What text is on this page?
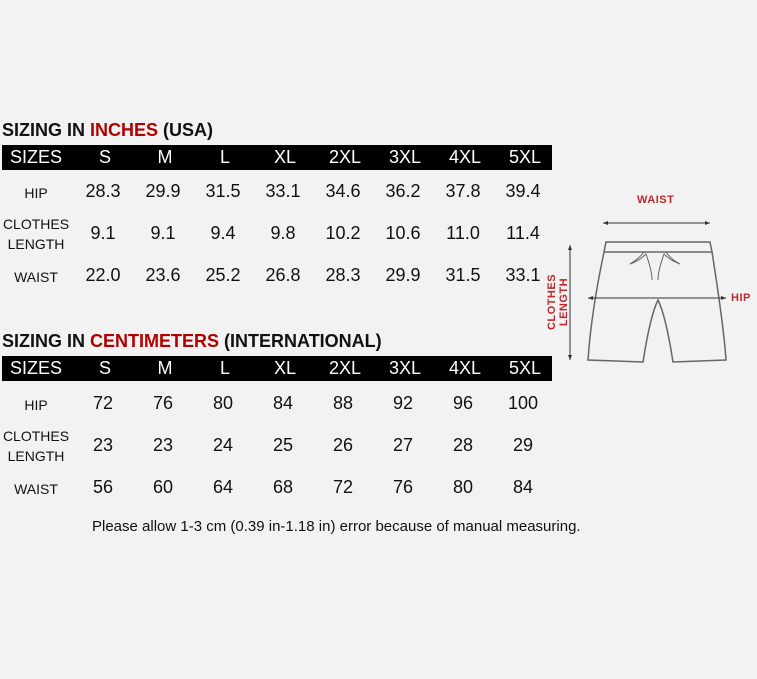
SIZING IN INCHES (USA)
SIZES	S	M	L	XL	2XL	3XL	4XL	5XL
HIP	28.3	29.9	31.5	33.1	34.6	36.2	37.8	39.4
CLOTHES
LENGTH
9.1	9.1	9.4	9.8	10.2	10.6	11.0	11.4
WAIST	22.0	23.6	25.2	26.8	28.3	29.9	31.5	33.1
SIZING IN CENTIMETERS (INTERNATIONAL)
SIZES	S	M	L	XL	2XL	3XL	4XL	5XL
HIP	72	76	80	84	88	92	96	100
CLOTHES
LENGTH
23	23	24	25	26	27	28	29
WAIST	56	60	64	68	72	76	80	84
Please allow 1-3 cm (0.39 in-1.18 in) error because of manual measuring.
WAIST
HIP
CLOTHES LENGTH
